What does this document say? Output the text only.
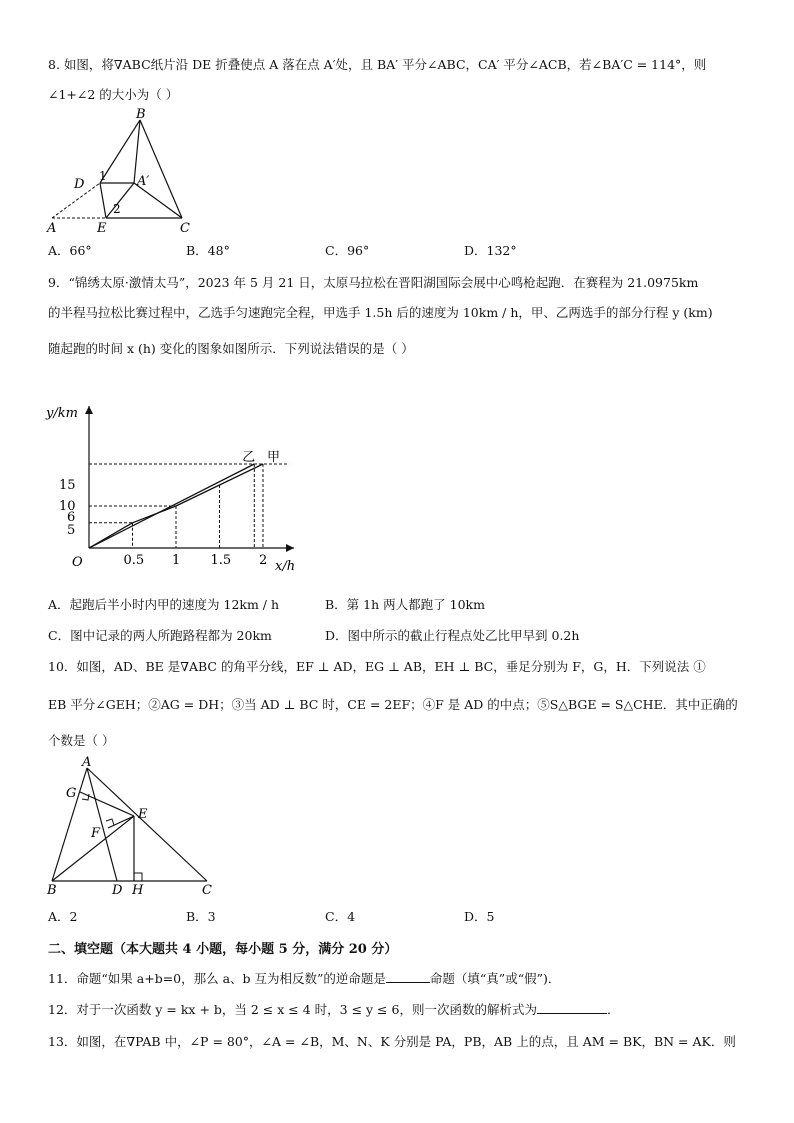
8. 如图，将∇ABC纸片沿 DE 折叠使点 A 落在点 A′处，且 BA′ 平分∠ABC，CA′ 平分∠ACB，若∠BA′C = 114°，则
∠1+∠2 的大小为（ ）
B
D
1 A′
2
A	E	C
A．66°	B．48°	C．96°	D．132°
9．“锦绣太原·激情太马”，2023 年 5 月 21 日，太原马拉松在晋阳湖国际会展中心鸣枪起跑．在赛程为 21.0975km
的半程马拉松比赛过程中，乙选手匀速跑完全程，甲选手 1.5h 后的速度为 10km / h，甲、乙两选手的部分行程 y (km)
随起跑的时间 x (h) 变化的图象如图所示．下列说法错误的是（ ）
y/km
x/h
O
乙 甲
0.5 1 1.5 2
5
6
10
15
A．起跑后半小时内甲的速度为 12km / h	B．第 1h 两人都跑了 10km
C．图中记录的两人所跑路程都为 20km	D．图中所示的截止行程点处乙比甲早到 0.2h
10．如图，AD、BE 是∇ABC 的角平分线，EF ⊥ AD，EG ⊥ AB，EH ⊥ BC，垂足分别为 F，G，H．下列说法 ①
EB 平分∠GEH；②AG = DH；③当 AD ⊥ BC 时，CE = 2EF；④F 是 AD 的中点；⑤S△BGE = S△CHE．其中正确的
个数是（ ）
A
G
E
F
B	D H	C
A．2	B．3	C．4	D．5
二、填空题（本大题共 4 小题，每小题 5 分，满分 20 分）
11．命题“如果 a+b=0，那么 a、b 互为相反数”的逆命题是	命题（填“真”或“假”)．
12．对于一次函数 y = kx + b，当 2 ≤ x ≤ 4 时，3 ≤ y ≤ 6，则一次函数的解析式为	．
13．如图，在∇PAB 中，∠P = 80°，∠A = ∠B，M、N、K 分别是 PA，PB，AB 上的点，且 AM = BK，BN = AK．则
